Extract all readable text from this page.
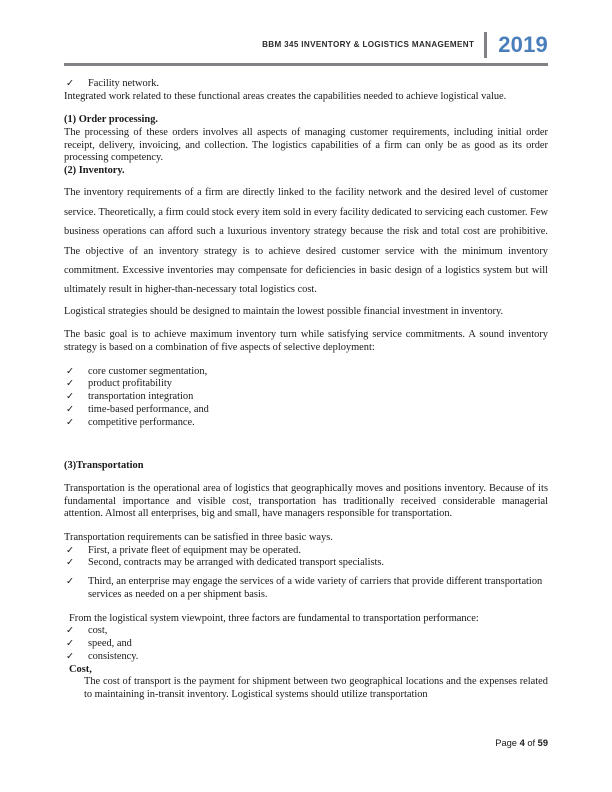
BBM 345 INVENTORY & LOGISTICS MANAGEMENT	2019
✓ Facility network.

Integrated work related to these functional areas creates the capabilities needed to achieve logistical value.

(1) Order processing.

The processing of these orders involves all aspects of managing customer requirements, including initial order receipt, delivery, invoicing, and collection. The logistics capabilities of a firm can only be as good as its order processing competency.

(2) Inventory.

The inventory requirements of a firm are directly linked to the facility network and the desired level of customer service. Theoretically, a firm could stock every item sold in every facility dedicated to servicing each customer. Few business operations can afford such a luxurious inventory strategy because the risk and total cost are prohibitive. The objective of an inventory strategy is to achieve desired customer service with the minimum inventory commitment. Excessive inventories may compensate for deficiencies in basic design of a logistics system but will ultimately result in higher-than-necessary total logistics cost.

Logistical strategies should be designed to maintain the lowest possible financial investment in inventory.

The basic goal is to achieve maximum inventory turn while satisfying service commitments. A sound inventory strategy is based on a combination of five aspects of selective deployment:

✓ core customer segmentation,
✓ product profitability
✓ transportation integration
✓ time-based performance, and
✓ competitive performance.

(3)Transportation

Transportation is the operational area of logistics that geographically moves and positions inventory. Because of its fundamental importance and visible cost, transportation has traditionally received considerable managerial attention. Almost all enterprises, big and small, have managers responsible for transportation.

Transportation requirements can be satisfied in three basic ways.

✓ First, a private fleet of equipment may be operated.
✓ Second, contracts may be arranged with dedicated transport specialists.
✓ Third, an enterprise may engage the services of a wide variety of carriers that provide different transportation services as needed on a per shipment basis.

From the logistical system viewpoint, three factors are fundamental to transportation performance:

✓ cost,
✓ speed, and
✓ consistency.

Cost,

The cost of transport is the payment for shipment between two geographical locations and the expenses related to maintaining in-transit inventory. Logistical systems should utilize transportation

Page 4 of 59
